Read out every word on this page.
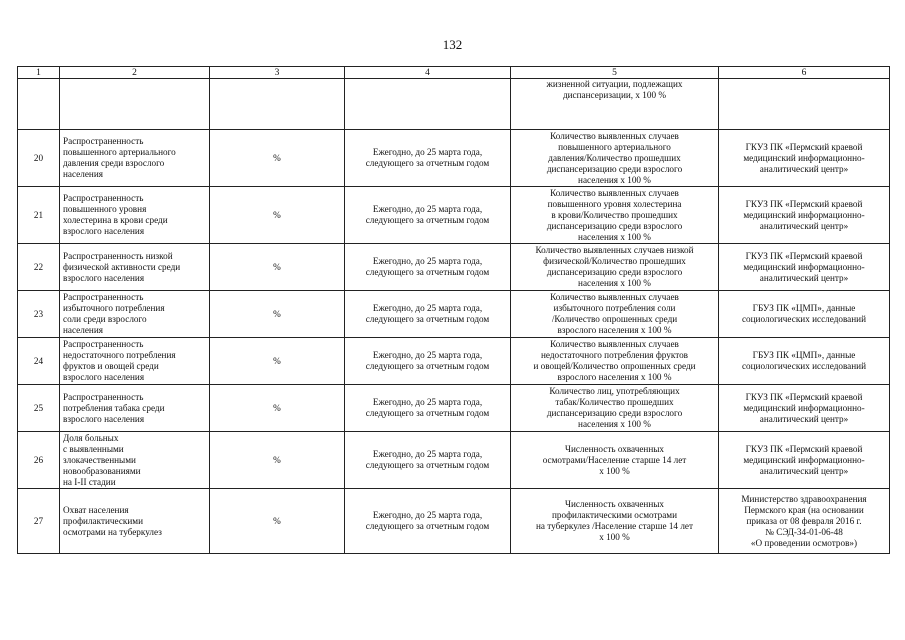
132
1	2	3	4	5	6
				жизненной ситуации, подлежащих
диспансеризации, х 100 %	
20	Распространенность
повышенного артериального
давления среди взрослого
населения	%	Ежегодно, до 25 марта года,
следующего за отчетным годом	Количество выявленных случаев
повышенного артериального
давления/Количество прошедших
диспансеризацию среди взрослого
населения х 100 %	ГКУЗ ПК «Пермский краевой
медицинский информационно-
аналитический центр»
21	Распространенность
повышенного уровня
холестерина в крови среди
взрослого населения	%	Ежегодно, до 25 марта года,
следующего за отчетным годом	Количество выявленных случаев
повышенного уровня холестерина
в крови/Количество прошедших
диспансеризацию среди взрослого
населения х 100 %	ГКУЗ ПК «Пермский краевой
медицинский информационно-
аналитический центр»
22	Распространенность низкой
физической активности среди
взрослого населения	%	Ежегодно, до 25 марта года,
следующего за отчетным годом	Количество выявленных случаев низкой
физической/Количество прошедших
диспансеризацию среди взрослого
населения х 100 %	ГКУЗ ПК «Пермский краевой
медицинский информационно-
аналитический центр»
23	Распространенность
избыточного потребления
соли среди взрослого
населения	%	Ежегодно, до 25 марта года,
следующего за отчетным годом	Количество выявленных случаев
избыточного потребления соли
/Количество опрошенных среди
взрослого населения х 100 %	ГБУЗ ПК «ЦМП», данные
социологических исследований
24	Распространенность
недостаточного потребления
фруктов и овощей среди
взрослого населения	%	Ежегодно, до 25 марта года,
следующего за отчетным годом	Количество выявленных случаев
недостаточного потребления фруктов
и овощей/Количество опрошенных среди
взрослого населения х 100 %	ГБУЗ ПК «ЦМП», данные
социологических исследований
25	Распространенность
потребления табака среди
взрослого населения	%	Ежегодно, до 25 марта года,
следующего за отчетным годом	Количество лиц, употребляющих
табак/Количество прошедших
диспансеризацию среди взрослого
населения х 100 %	ГКУЗ ПК «Пермский краевой
медицинский информационно-
аналитический центр»
26	Доля больных
с выявленными
злокачественными
новообразованиями
на I-II стадии	%	Ежегодно, до 25 марта года,
следующего за отчетным годом	Численность охваченных
осмотрами/Население старше 14 лет
х 100 %	ГКУЗ ПК «Пермский краевой
медицинский информационно-
аналитический центр»
27	Охват населения
профилактическими
осмотрами на туберкулез	%	Ежегодно, до 25 марта года,
следующего за отчетным годом	Численность охваченных
профилактическими осмотрами
на туберкулез /Население старше 14 лет
х 100 %	Министерство здравоохранения
Пермского края (на основании
приказа от 08 февраля 2016 г.
№ СЭД-34-01-06-48
«О проведении осмотров»)
